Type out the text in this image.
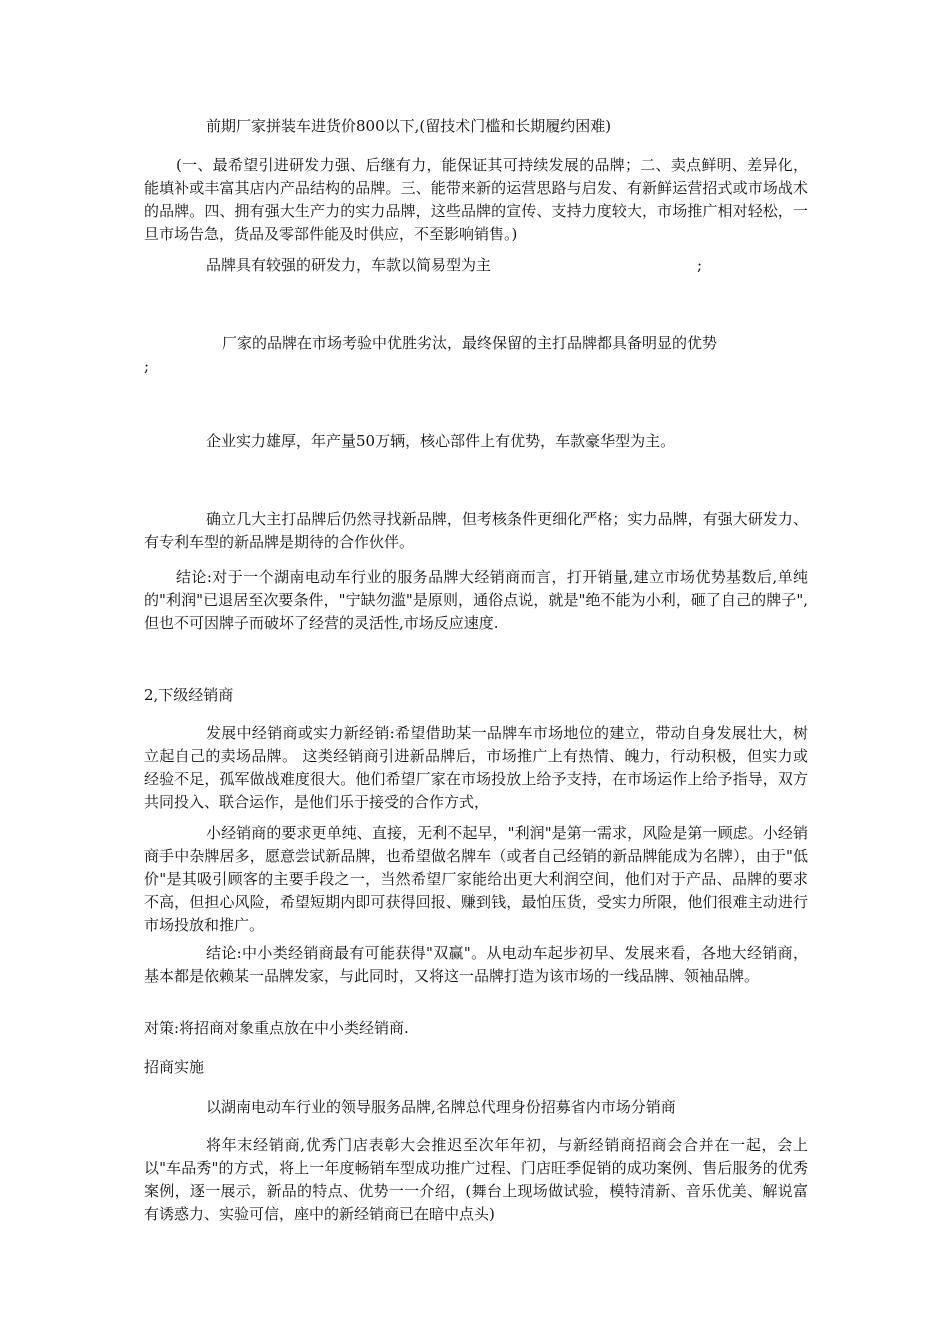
前期厂家拼装车进货价800以下,(留技术门槛和长期履约困难)

(一、最希望引进研发力强、后继有力，能保证其可持续发展的品牌；二、卖点鲜明、差异化，能填补或丰富其店内产品结构的品牌。三、能带来新的运营思路与启发、有新鲜运营招式或市场战术的品牌。四、拥有强大生产力的实力品牌，这些品牌的宣传、支持力度较大，市场推广相对轻松，一旦市场告急，货品及零部件能及时供应，不至影响销售。)

品牌具有较强的研发力，车款以简易型为主	;

厂家的品牌在市场考验中优胜劣汰，最终保留的主打品牌都具备明显的优势
;

企业实力雄厚，年产量50万辆，核心部件上有优势，车款豪华型为主。

确立几大主打品牌后仍然寻找新品牌，但考核条件更细化严格；实力品牌，有强大研发力、有专利车型的新品牌是期待的合作伙伴。

结论:对于一个湖南电动车行业的服务品牌大经销商而言，打开销量,建立市场优势基数后,单纯的"利润"已退居至次要条件，"宁缺勿滥"是原则，通俗点说，就是"绝不能为小利，砸了自己的牌子",但也不可因牌子而破坏了经营的灵活性,市场反应速度.

2,下级经销商

发展中经销商或实力新经销:希望借助某一品牌车市场地位的建立，带动自身发展壮大，树立起自己的卖场品牌。 这类经销商引进新品牌后，市场推广上有热情、魄力，行动积极，但实力或经验不足，孤军做战难度很大。他们希望厂家在市场投放上给予支持，在市场运作上给予指导，双方共同投入、联合运作，是他们乐于接受的合作方式，

小经销商的要求更单纯、直接，无利不起早，"利润"是第一需求，风险是第一顾虑。小经销商手中杂牌居多，愿意尝试新品牌，也希望做名牌车（或者自己经销的新品牌能成为名牌），由于"低价"是其吸引顾客的主要手段之一，当然希望厂家能给出更大利润空间，他们对于产品、品牌的要求不高，但担心风险，希望短期内即可获得回报、赚到钱，最怕压货，受实力所限，他们很难主动进行市场投放和推广。

结论:中小类经销商最有可能获得"双赢"。从电动车起步初早、发展来看，各地大经销商，基本都是依赖某一品牌发家，与此同时，又将这一品牌打造为该市场的一线品牌、领袖品牌。

对策:将招商对象重点放在中小类经销商.

招商实施

以湖南电动车行业的领导服务品牌,名牌总代理身份招募省内市场分销商

将年末经销商,优秀门店表彰大会推迟至次年年初，与新经销商招商会合并在一起，会上以"车品秀"的方式，将上一年度畅销车型成功推广过程、门店旺季促销的成功案例、售后服务的优秀案例，逐一展示，新品的特点、优势一一介绍，(舞台上现场做试验，模特清新、音乐优美、解说富有诱惑力、实验可信，座中的新经销商已在暗中点头)
